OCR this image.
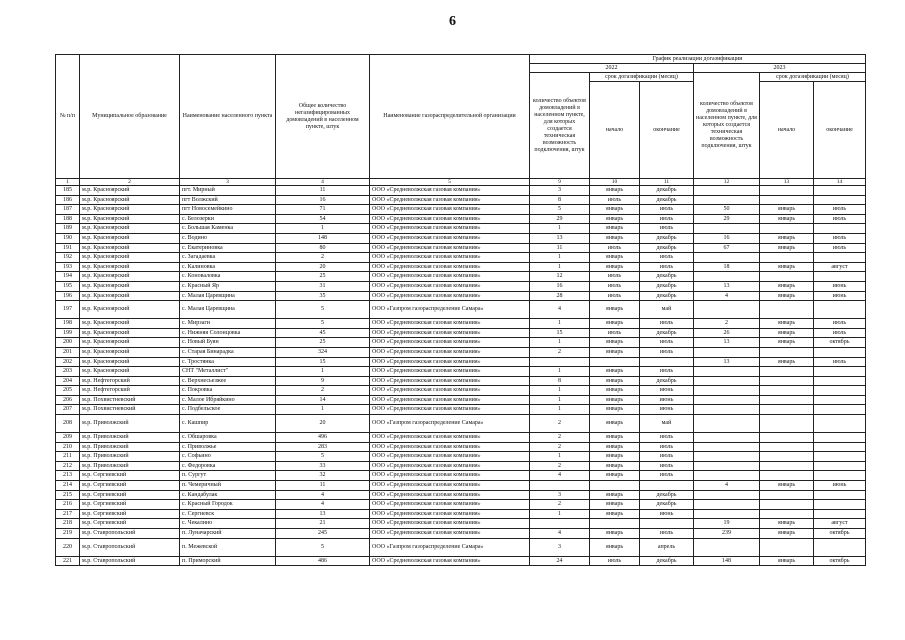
6
№ п/п	Муниципальное образование	Наименование населенного пункта	Общее количество негазифицированных домовладений в населенном пункте, штук	Наименование газораспределительной организации	График реализации догазификации					
					2022			2023		
					количество объектов домовладений в населенном пункте, для которых создается техническая возможность подключения, штук	срок догазификации (месяц)		количество объектов домовладений в населенном пункте, для которых создается техническая возможность подключения, штук	срок догазификации (месяц)	
						начало	окончание		начало	окончание
1	2	3	4	5	9	10	11	12	13	14
185	м.р. Красноярский	пгт. Мирный	11	ООО «Средневолжская газовая компания»	3	январь	декабрь			
186	м.р. Красноярский	пгт Волжский	16	ООО «Средневолжская газовая компания»	8	июль	декабрь			
187	м.р. Красноярский	пгт Новосемейкино	71	ООО «Средневолжская газовая компания»	5	январь	июль	50	январь	июль
188	м.р. Красноярский	с. Белозерки	54	ООО «Средневолжская газовая компания»	29	январь	июль	29	январь	июль
189	м.р. Красноярский	с. Большая Каменка	1	ООО «Средневолжская газовая компания»	1	январь	июль			
190	м.р. Красноярский	с. Водино	148	ООО «Средневолжская газовая компания»	13	январь	декабрь	16	январь	июль
191	м.р. Красноярский	с. Екатериновка	80	ООО «Средневолжская газовая компания»	11	июль	декабрь	67	январь	июль
192	м.р. Красноярский	с. Загадаевка	2	ООО «Средневолжская газовая компания»	1	январь	июль			
193	м.р. Красноярский	с. Калиновка	20	ООО «Средневолжская газовая компания»	1	январь	июль	18	январь	август
194	м.р. Красноярский	с. Коноваловка	25	ООО «Средневолжская газовая компания»	12	июль	декабрь			
195	м.р. Красноярский	с. Красный Яр	31	ООО «Средневолжская газовая компания»	16	июль	декабрь	13	январь	июнь
196	м.р. Красноярский	с. Малая Царевщина	35	ООО «Средневолжская газовая компания»	28	июль	декабрь	4	январь	июнь
197	м.р. Красноярский	с. Малая Царевщина	5	ООО «Газпром газораспределение Самара»	4	январь	май			
198	м.р. Красноярский	с. Мирзаги	5	ООО «Средневолжская газовая компания»	1	январь	июль	2	январь	июль
199	м.р. Красноярский	с. Нижняя Солонцовка	45	ООО «Средневолжская газовая компания»	15	июль	декабрь	26	январь	июль
200	м.р. Красноярский	с. Новый Буян	25	ООО «Средневолжская газовая компания»	1	январь	июль	13	январь	октябрь
201	м.р. Красноярский	с. Старая Бинарадка	324	ООО «Средневолжская газовая компания»	2	январь	июль			
202	м.р. Красноярский	с. Тростянка	15	ООО «Средневолжская газовая компания»				13	январь	июль
203	м.р. Красноярский	СНТ "Металлист"	1	ООО «Средневолжская газовая компания»	1	январь	июль			
204	м.р. Нефтегорский	с. Верхнесьезжее	9	ООО «Средневолжская газовая компания»	8	январь	декабрь			
205	м.р. Нефтегорский	с. Покровка	2	ООО «Средневолжская газовая компания»	1	январь	июнь			
206	м.р. Похвистневский	с. Малое Ибряйкино	14	ООО «Средневолжская газовая компания»	1	январь	июнь			
207	м.р. Похвистневский	с. Подбельское	1	ООО «Средневолжская газовая компания»	1	январь	июнь			
208	м.р. Приволжский	с. Кашпир	20	ООО «Газпром газораспределение Самара»	2	январь	май			
209	м.р. Приволжский	с. Обшаровка	496	ООО «Средневолжская газовая компания»	2	январь	июль			
210	м.р. Приволжский	с. Приволжье	283	ООО «Средневолжская газовая компания»	2	январь	июль			
211	м.р. Приволжский	с. Софьино	5	ООО «Средневолжская газовая компания»	1	январь	июль			
212	м.р. Приволжский	с. Федоровка	33	ООО «Средневолжская газовая компания»	2	январь	июль			
213	м.р. Сергиевский	п. Сургут	32	ООО «Средневолжская газовая компания»	4	январь	июль			
214	м.р. Сергиевский	п. Чемеричный	11	ООО «Средневолжская газовая компания»				4	январь	июнь
215	м.р. Сергиевский	с. Кандабулак	4	ООО «Средневолжская газовая компания»	3	январь	декабрь			
216	м.р. Сергиевский	с. Красный Городок	4	ООО «Средневолжская газовая компания»	2	январь	декабрь			
217	м.р. Сергиевский	с. Сергиевск	13	ООО «Средневолжская газовая компания»	1	январь	июнь			
218	м.р. Сергиевский	с. Чекалино	21	ООО «Средневолжская газовая компания»				19	январь	август
219	м.р. Ставропольский	п. Луначарский	245	ООО «Средневолжская газовая компания»	4	январь	июль	239	январь	октябрь
220	м.р. Ставропольский	п. Межевской	5	ООО «Газпром газораспределение Самара»	3	январь	апрель			
221	м.р. Ставропольский	п. Приморский	486	ООО «Средневолжская газовая компания»	24	июль	декабрь	148	январь	октябрь
